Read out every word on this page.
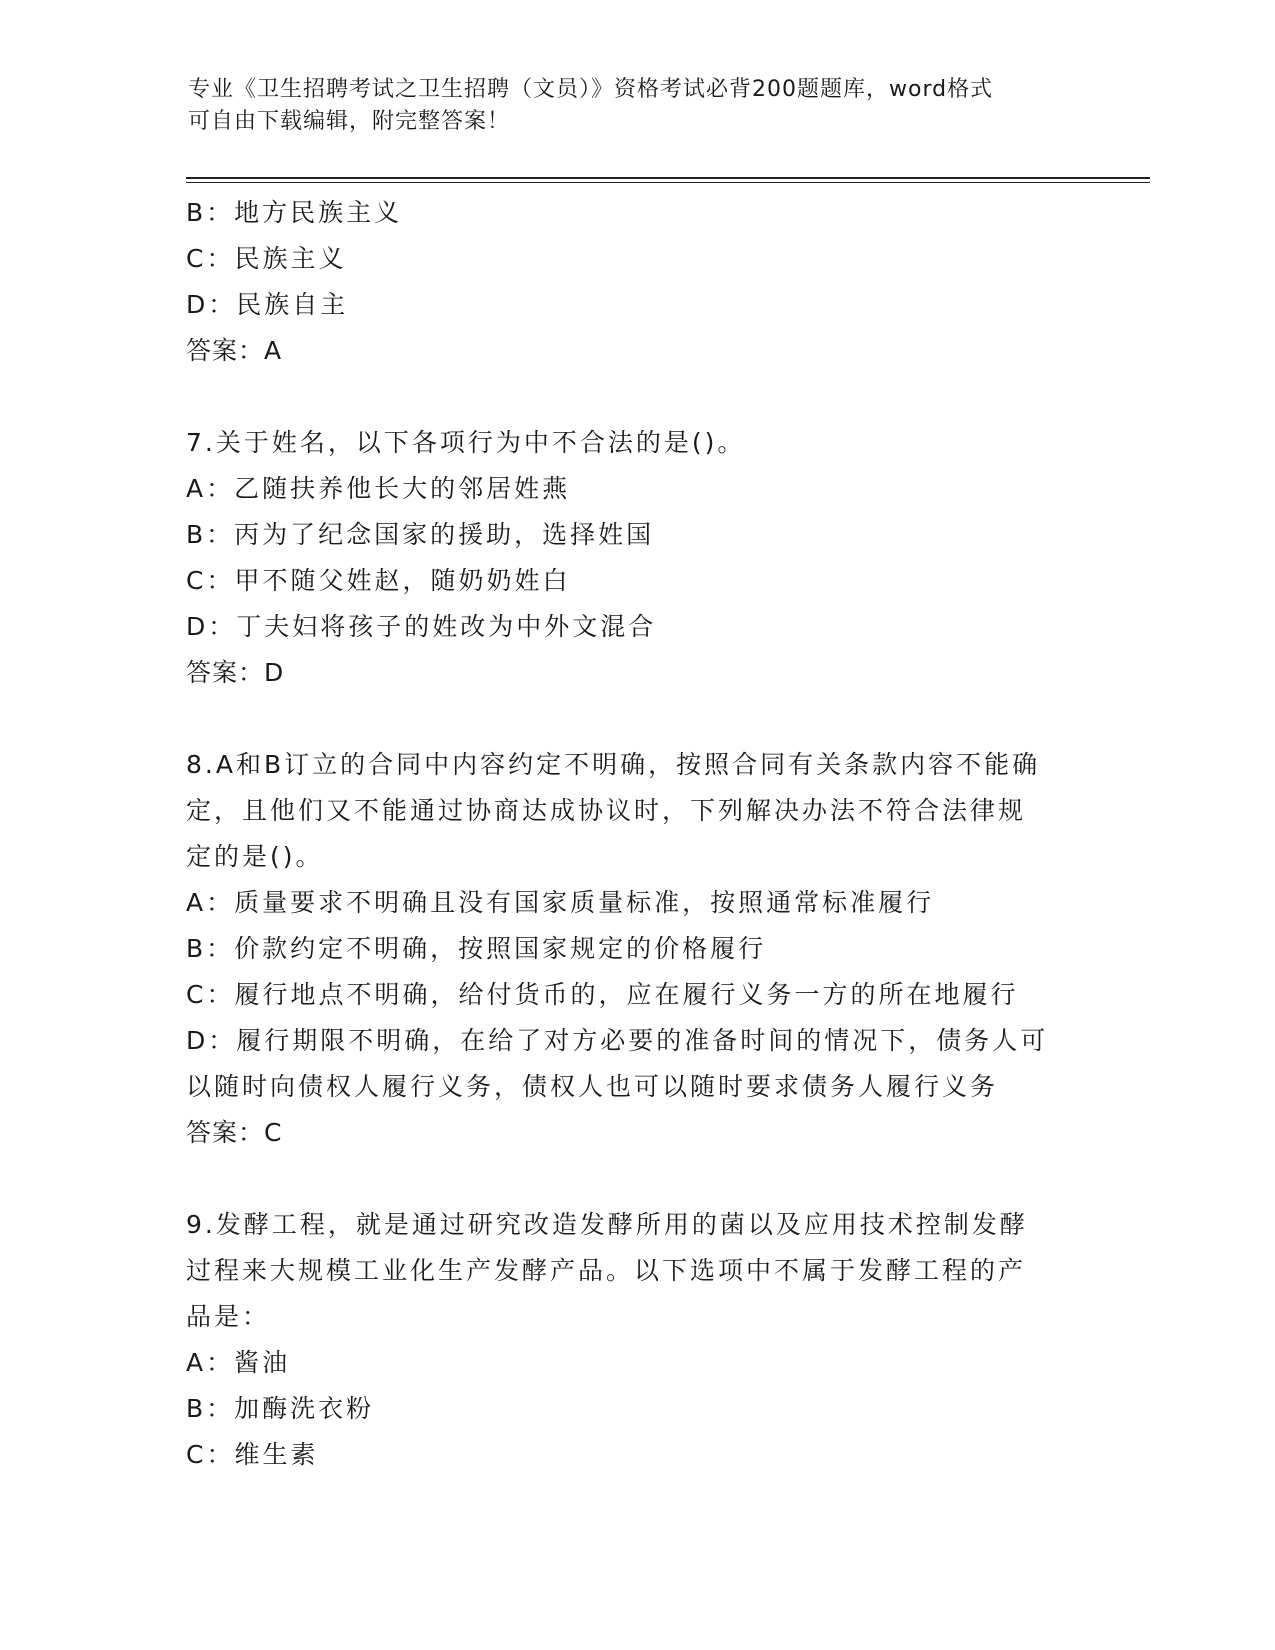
专业《卫生招聘考试之卫生招聘（文员）》资格考试必背200题题库，word格式
可自由下载编辑，附完整答案！
B：地方民族主义
C：民族主义
D：民族自主
答案：A
7.关于姓名，以下各项行为中不合法的是()。
A：乙随扶养他长大的邻居姓燕
B：丙为了纪念国家的援助，选择姓国
C：甲不随父姓赵，随奶奶姓白
D：丁夫妇将孩子的姓改为中外文混合
答案：D
8.A和B订立的合同中内容约定不明确，按照合同有关条款内容不能确
定，且他们又不能通过协商达成协议时，下列解决办法不符合法律规
定的是()。
A：质量要求不明确且没有国家质量标准，按照通常标准履行
B：价款约定不明确，按照国家规定的价格履行
C：履行地点不明确，给付货币的，应在履行义务一方的所在地履行
D：履行期限不明确，在给了对方必要的准备时间的情况下，债务人可
以随时向债权人履行义务，债权人也可以随时要求债务人履行义务
答案：C
9.发酵工程，就是通过研究改造发酵所用的菌以及应用技术控制发酵
过程来大规模工业化生产发酵产品。以下选项中不属于发酵工程的产
品是：
A：酱油
B：加酶洗衣粉
C：维生素
